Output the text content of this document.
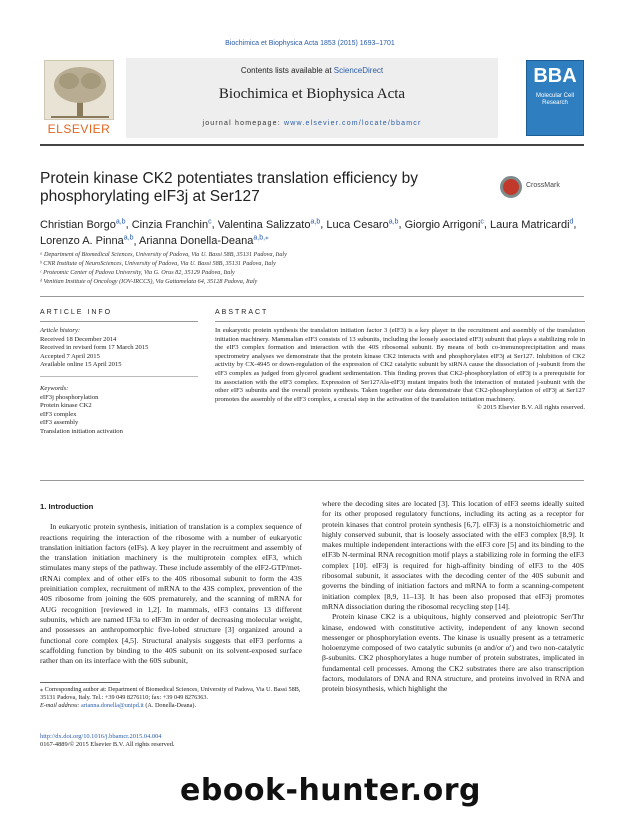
Biochimica et Biophysica Acta 1853 (2015) 1693–1701
ELSEVIER
Contents lists available at ScienceDirect
Biochimica et Biophysica Acta
journal homepage: www.elsevier.com/locate/bbamcr
BBA
Molecular Cell Research
Protein kinase CK2 potentiates translation efficiency by phosphorylating eIF3j at Ser127
CrossMark
Christian Borgo$^{a,b}$, Cinzia Franchin$^c$, Valentina Salizzato$^{a,b}$, Luca Cesaro$^{a,b}$, Giorgio Arrigoni$^c$, Laura Matricardi$^d$, Lorenzo A. Pinna$^{a,b}$, Arianna Donella-Deana$^{a,b,⁎}$
ᵃ Department of Biomedical Sciences, University of Padova, Via U. Bassi 58B, 35131 Padova, Italy
ᵇ CNR Institute of NeuroSciences, University of Padova, Via U. Bassi 58B, 35131 Padova, Italy
ᶜ Proteomic Center of Padova University, Via G. Orus 82, 35129 Padova, Italy
ᵈ Venitian Institute of Oncology (IOV-IRCCS), Via Gattamelata 64, 35128 Padova, Italy
ARTICLE INFO	ABSTRACT
Article history:
Received 18 December 2014
Received in revised form 17 March 2015
Accepted 7 April 2015
Available online 15 April 2015
Keywords:
eIF3j phosphorylation
Protein kinase CK2
eIF3 complex
eIF3 assembly
Translation initiation activation
In eukaryotic protein synthesis the translation initiation factor 3 (eIF3) is a key player in the recruitment and assembly of the translation initiation machinery. Mammalian eIF3 consists of 13 subunits, including the loosely associated eIF3j subunit that plays a stabilizing role in the eIF3 complex formation and interaction with the 40S ribosomal subunit. By means of both co-immunoprecipitation and mass spectrometry analyses we demonstrate that the protein kinase CK2 interacts with and phosphorylates eIF3j at Ser127. Inhibition of CK2 activity by CX-4945 or down-regulation of the expression of CK2 catalytic subunit by siRNA cause the dissociation of j-subunit from the eIF3 complex as judged from glycerol gradient sedimentation. This finding proves that CK2-phosphorylation of eIF3j is a prerequisite for its association with the eIF3 complex. Expression of Ser127Ala-eIF3j mutant impairs both the interaction of mutated j-subunit with the other eIF3 subunits and the overall protein synthesis. Taken together our data demonstrate that CK2-phosphorylation of eIF3j at Ser127 promotes the assembly of the eIF3 complex, a crucial step in the activation of the translation initiation machinery.
© 2015 Elsevier B.V. All rights reserved.
1. Introduction

In eukaryotic protein synthesis, initiation of translation is a complex sequence of reactions requiring the interaction of the ribosome with a number of eukaryotic translation initiation factors (eIFs). A key player in the recruitment and assembly of the translation initiation machinery is the multiprotein complex eIF3, which stimulates many steps of the pathway. These include assembly of the eIF2-GTP/met-tRNAi complex and of other eIFs to the 40S ribosomal subunit to form the 43S preinitiation complex, recruitment of mRNA to the 43S complex, prevention of the 40S ribosome from joining the 60S prematurely, and the scanning of mRNA for AUG recognition [reviewed in 1,2]. In mammals, eIF3 contains 13 different subunits, which are named IF3a to eIF3m in order of decreasing molecular weight, and possesses an anthropomorphic five-lobed structure [3] organized around a functional core complex [4,5]. Structural analysis suggests that eIF3 performs a scaffolding function by binding to the 40S subunit on its solvent-exposed surface rather than on its interface with the 60S subunit,

where the decoding sites are located [3]. This location of eIF3 seems ideally suited for its other proposed regulatory functions, including its acting as a receptor for protein kinases that control protein synthesis [6,7]. eIF3j is a nonstoichiometric and highly conserved subunit, that is loosely associated with the eIF3 complex [8,9]. It makes multiple independent interactions with the eIF3 core [5] and its binding to the eIF3b N-terminal RNA recognition motif plays a stabilizing role in forming the eIF3 complex [10]. eIF3j is required for high-affinity binding of eIF3 to the 40S ribosomal subunit, it associates with the decoding center of the 40S subunit and governs the binding of initiation factors and mRNA to form a scanning-competent initiation complex [8,9, 11–13]. It has been also proposed that eIF3j promotes mRNA dissociation during the ribosomal recycling step [14].

Protein kinase CK2 is a ubiquitous, highly conserved and pleiotropic Ser/Thr kinase, endowed with constitutive activity, independent of any known second messenger or phosphorylation events. The kinase is usually present as a tetrameric holoenzyme composed of two catalytic subunits (α and/or α′) and two non-catalytic β-subunits. CK2 phosphorylates a huge number of protein substrates, implicated in fundamental cell processes. Among the CK2 substrates there are also transcription factors, modulators of DNA and RNA structure, and proteins involved in RNA and protein biosynthesis, which highlight the

⁎ Corresponding author at: Department of Biomedical Sciences, University of Padova, Via U. Bassi 58B, 35131 Padova, Italy. Tel.: +39 049 8276110; fax: +39 049 8276363.
E-mail address: arianna.donella@unipd.it (A. Donella-Deana).
http://dx.doi.org/10.1016/j.bbamcr.2015.04.004
0167-4889/© 2015 Elsevier B.V. All rights reserved.
ebook-hunter.org
